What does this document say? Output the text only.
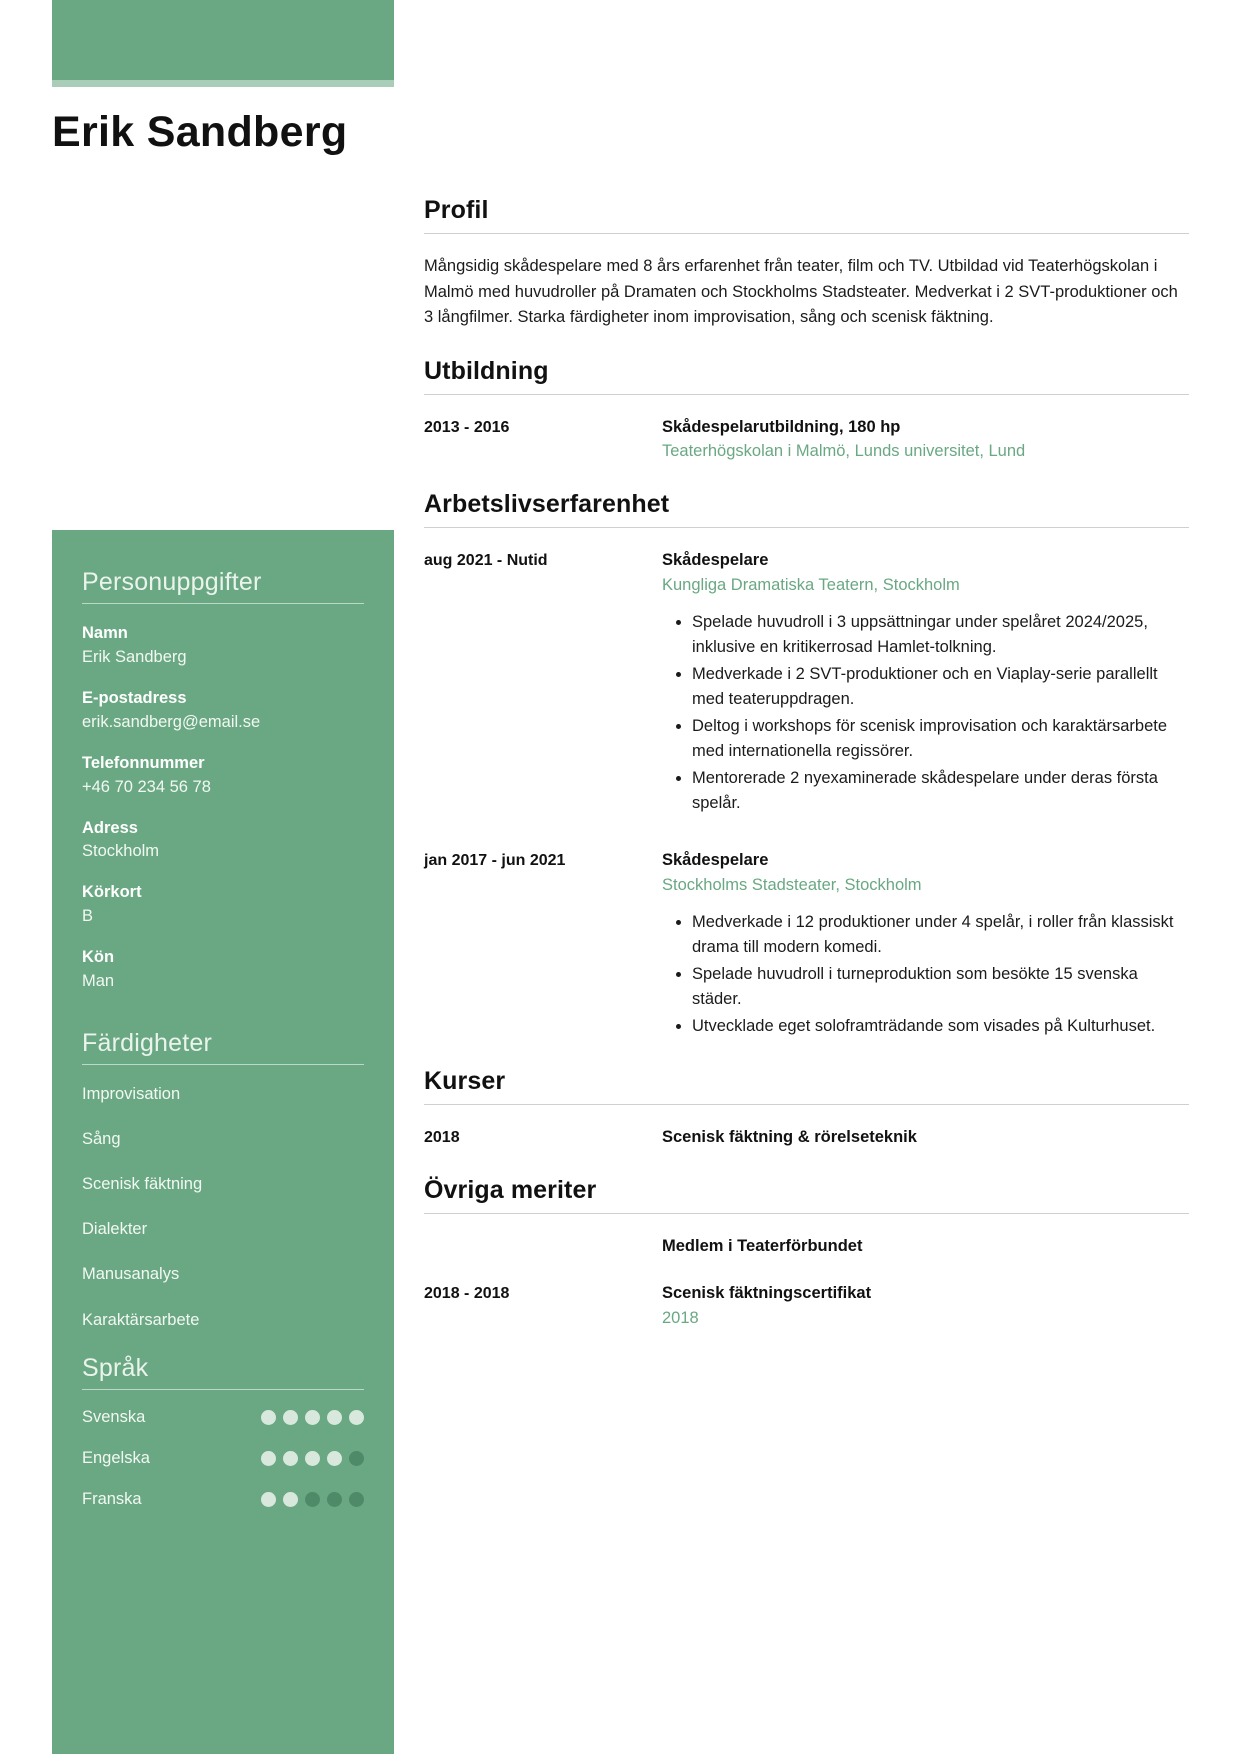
Erik Sandberg
Personuppgifter
Namn
Erik Sandberg
E-postadress
erik.sandberg@email.se
Telefonnummer
+46 70 234 56 78
Adress
Stockholm
Körkort
B
Kön
Man
Färdigheter
Improvisation
Sång
Scenisk fäktning
Dialekter
Manusanalys
Karaktärsarbete
Språk
Svenska
Engelska
Franska
Profil

Mångsidig skådespelare med 8 års erfarenhet från teater, film och TV. Utbildad vid Teaterhögskolan i Malmö med huvudroller på Dramaten och Stockholms Stadsteater. Medverkat i 2 SVT-produktioner och 3 långfilmer. Starka färdigheter inom improvisation, sång och scenisk fäktning.

Utbildning
2013 - 2016	Skådespelarutbildning, 180 hp
Teaterhögskolan i Malmö, Lunds universitet, Lund
Arbetslivserfarenhet
aug 2021 - Nutid	Skådespelare
Kungliga Dramatiska Teatern, Stockholm
• Spelade huvudroll i 3 uppsättningar under spelåret 2024/2025, inklusive en kritikerrosad Hamlet-tolkning.
• Medverkade i 2 SVT-produktioner och en Viaplay-serie parallellt med teateruppdragen.
• Deltog i workshops för scenisk improvisation och karaktärsarbete med internationella regissörer.
• Mentorerade 2 nyexaminerade skådespelare under deras första spelår.
jan 2017 - jun 2021	Skådespelare
Stockholms Stadsteater, Stockholm
• Medverkade i 12 produktioner under 4 spelår, i roller från klassiskt drama till modern komedi.
• Spelade huvudroll i turneproduktion som besökte 15 svenska städer.
• Utvecklade eget soloframträdande som visades på Kulturhuset.
Kurser
2018	Scenisk fäktning & rörelseteknik
Övriga meriter
Medlem i Teaterförbundet
2018 - 2018	Scenisk fäktningscertifikat
2018
